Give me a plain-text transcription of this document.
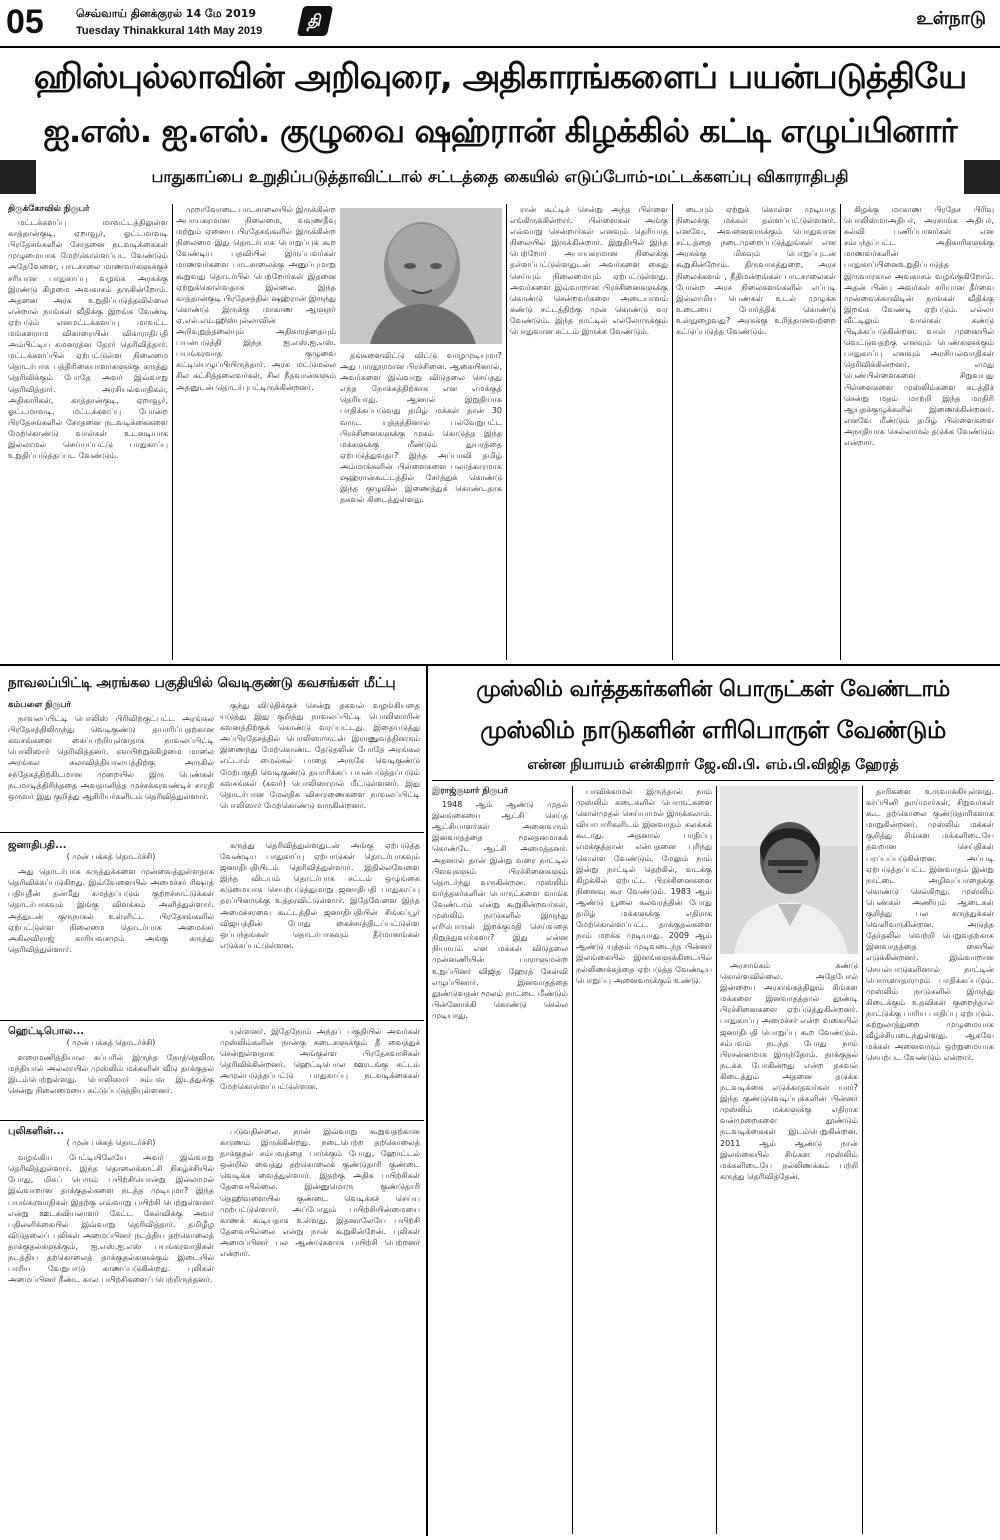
05	செவ்வாய் தினக்குரல் 14 மே 2019
Tuesday Thinakkural 14th May 2019
தி	உள்நாடு
ஹிஸ்புல்லாவின் அறிவுரை, அதிகாரங்களைப் பயன்படுத்தியே
ஐ.எஸ். ஐ.எஸ். குழுவை ஷஹ்ரான் கிழக்கில் கட்டி எழுப்பினார்
பாதுகாப்பை உறுதிப்படுத்தாவிட்டால் சட்டத்தை கையில் எடுப்போம்-மட்டக்களப்பு விகாராதிபதி

திருக்கோவில் நிருபர்

மட்டக்களப்பு மாவட்டத்திலுள்ள காத்தான்குடி, ஏறாவூர், ஓட்டமாவடி பிரதேசங்களில் சோதனை நடவடிக்கைகள் முழுமையாக மேற்கொள்ளப்பட வேண்டும் அதேவேளை, பாடசாலை மாணவர்களுக்குச் சரியான பாதுகாப்பு வழங்க அரசுக்கு இரண்டு கிழமை அவகாசம் தருகின்றோம். அதனை அரசு உறுதிப்படுத்தவில்லை என்றால் நாங்கள் வீதிக்கு இறங்க வேண்டி ஏற்படும் எனமட்டக்களப்பு மாவட்ட மங்களராம விகாரையின் விகாராதிபதி அம்பிட்டிய சுமனரத்ன தேரர் தெரிவித்தார். மட்டக்களப்பில் ஏற்பட்டுள்ள நிலைமை தொடர்பாக பத்திரிகையாளர்களுக்கு கருத்து தெரிவிக்கும் போதே அவர் இவ்வாறு தெரிவித்தார். அரசியல்வாதிகள், அதிகாரிகள், காத்தான்குடி, ஏறாவூர், ஓட்டமாவடி, மட்டக்களப்பு போன்ற பிரதேசங்களில் சோதனை நடவடிக்கைகளை மேற்கொண்டு வாள்கள் உடனடியாக இல்லாமல் செய்யப்பட்டு பாதுகாப்பு உறுதிப்படுத்தப்பட வேண்டும்.

முறாவோடை பாடசாலையில் இருக்கின்ற அபாயகரமான நிலைமை, வவுணதீவு மற்றும் ஏனைய பிரதேசங்களில் இருக்கின்ற நிலைமை இது தொடர்பாக பொறுப்புக் கூற வேண்டிய பதவியில் இருப்பவர்கள் மாணவர்களை பாடசாலைக்கு அனுப்புமாறு கூறுவது தொடர்பில் பெற்றோர்கள் இதனை ஏற்றுக்கொள்வதாக இல்லை. இந்த காத்தான்குடி பிரதேசத்தில் ஷஹ்ரான் இருந்து கொண்டு இருக்கு மாகாண ஆளுநர் ஏ.எல்.எம்.ஹிஸ்புல்லாவின் அறிவுறுத்தலையும் அதிகாரத்தையும் பயன்படுத்தி இந்த ஐ.எஸ்.ஐ.எஸ். பயங்கரவாத குழுவை கட்டியெழுப்பியிருந்தார். அரசு மட்டுமல்ல சில கட்சித்தலைவர்கள், சில நீதவான்களும் அதனுடன் தொடர்புபட்டிருக்கின்றனர்.

தங்களைவிட்டு விட்டு வாழமுடியுமா? அது பாரதூரமான பிரச்சினை. ஆகையினால், அவர்களை இவ்வாறு விடுதலை செய்தது எந்த நோக்கத்திற்காக என எமக்குத் தெரியாது. ஆனால் இறுதியாக பாதிக்கப்படுவது தமிழ் மக்கள் தான் 30 வருட யுத்தத்தினால் பல்வேறுபட்ட பிரச்சினைகளுக்கு முகம் கொடுத்த இந்த மக்களுக்கு மீண்டும் துயரத்தை ஏற்படுத்துவதா? இந்த அப்பாவி தமிழ் அம்மாக்களின் பிள்ளைகளை பலாத்காரமாக ஷஹ்ரான்கூட்டத்தில் சேர்த்துக் கொண்டு இந்த குழுவில் இணைத்துக் கொண்டதாக தகவல் கிடைத்துள்ளது.

ரான் கூட்டிச் சென்று அந்த பிள்ளை எங்கிருக்கின்றார். பிள்ளைகள் அங்கு எவ்வாறு சென்றார்கள் எனவும் தெரியாத நிலையில் இருக்கின்றார். இறுதியில் இந்த பெற்றோர் அபாயகரமான நிலைக்கு தள்ளப்பட்டுள்ளதுடன் அவர்களை கைது செய்யும் நிலைமையும் ஏற்பட்டுள்ளது. அவர்களை இவ்வாறான பிரச்சினைகளுக்கு கொண்டு சென்றவர்களை அடையாளம் கண்டு சட்டத்திற்கு முன் கொண்டு வர வேண்டும். இந்த நாட்டில் எல்லோருக்கும் பொதுவான சட்டம் இருக்க வேண்டும்.

டையும் ஏற்றுக் கொள்ள முடியாத நிலைக்கு மக்கள் தள்ளப்பட்டுள்ளனர். எனவே, அவனைவருக்கும் பொதுவான சட்டத்தை நடைமுறைப்படுத்துங்கள் என அரசுக்கு மிகவும் பொறுப்புடன் கூறுகின்றோம். திருவாசுத்துறை, அரச நிலைக்களம் , நீதிமன்றங்கள் பாடசாலைகள் போன்ற அரச நிலைகளங்களில் எப்படி இல்லாமிய பெண்கள் உடல் முழுக்க உடையை போர்த்திக் கொண்டு உள்நுழைவது? அரசுக்கு உரித்தானவற்றை கட்டுப்படுத்த வேண்டும்.

கிழக்கு மாகாண பிரதேச பிரிவு பொலிஸ்மாஅதிபர், அரசாங்க அதிபர், கல்வி பணிப்பாளர்கள் என சம்பந்தப்பட்ட அதிகாரிகளுக்கு மாணவர்களின் பாதுகாப்பினைஉறுதிப்படுத்த இருவாரகால அவகாசம் வழங்குகிறோம். அதன் பின்பு அவர்கள் சரியான தீர்வை முன்வைக்காவிடின் நாங்கள் வீதிக்கு இறங்க வேண்டி ஏற்படும். எல்லா வீட்டிலும் வாள்கள் கண்டு பிடிக்கப்படுகின்றன. வாள் முனையில் வெட்டுவதற்கு எனவும் பெண்களுக்கும் பாதுகாப்பு எனவும் அரசியல்வாதிகள் தெரிவிக்கின்றனர். எமது பெண்பிள்ளைகளை சிறுவயது பிள்ளைகளை முஸ்லிம்களை கடத்திச் சென்று மதம் மாற்றி இந்த மாதிரி ஆயுதக்குழுக்களில் இணைக்கின்றனர். எனவே மீண்டும் தமிழ் பிள்ளைகளை அநாதியாக செல்லாமல் தடுக்க வேண்டும் என்றார்.

நாவலப்பிட்டி அரங்கல பகுதியில் வெடிகுண்டு கவசங்கள் மீட்பு

கம்பளை நிருபர்

நாவலப்பிட்டி பொலிஸ் பிரிவிற்குட்பட்ட அரங்கல பிரதேசத்திலிருந்து வெடிகுண்டு தயாரிப்பதற்கான கவசங்களை கைப்பற்றியுள்ளதாக நாவலப்பிட்டி பொலிஸார் தெரிவித்தனர். ஞாயிற்றுக்கிழமை மாலை அரங்கல கலாவித்தியாலயத்திற்கு அருகில் சந்தேகத்திற்கிடமான முறையில் இரு பெண்கள் நடமாடித்திரிந்ததை அவதானித்த முச்சக்கரவண்டிச் சாரதி ஒருவர் இது குறித்து ஆசிரியர்களிடம் தெரிவித்துள்ளார்.

குந்து விடுதிக்குச் சென்று தகவல் வழங்கியதை யடுத்து இது குறித்து நாவலப்பிட்டி பொலிஸாரின் கவனத்திற்குக் கொண்டு வரப்பட்டது. இதையடுத்து அப்பிரதேசத்தில் பொலிஸாருடன் இராணுவத்தினரும் இணைந்து மேற்கொண்ட தேடுதலின் போதே அரங்கல எட்டாம் மைல்கல் பாதை அருகே வெடிகுண்டு மேற்பகுதி வெடிகுண்டு தயாரிக்கப் பயன்படுத்தப்படும் கவசங்கள் (கவர்) பொலிஸாரால் மீட்டுள்ளனர். இது தொடர்பான மேலதிக விசாரணைகளை நாவலப்பிட்டி பொலிஸார் மேற்கொண்டு வருகின்றனர்.

ஜனாதிபதி...
( முன் பக்கத் தொடர்ச்சி)

அது தொடர்பாக கருத்துக்களை முன்வைத்துள்ளதாக தெரிவிக்கப்படுகிறது. இவ்வேளையில் அமைச்சர் ரிஷாத் பதியுதீன் தன்மீது சுமத்தப்படும் குற்றச்சாட்டுக்கள் தொடர்பாகவும் இங்கு விளக்கம் அளித்துள்ளார். அத்துடன் குருநாகல் உள்ளிட்ட பிரதேசங்களில் ஏற்பட்டுள்ள நிலைமை தொடர்பாக அமைச்சர் அகிலவிராஜ் காரியவசமும் அங்கு கருத்து தெரிவித்துள்ளார்.

கருத்து தெரிவித்துள்ளதுடன் அங்கு ஏற்படுத்த வேண்டிய பாதுகாப்பு ஏற்பாடுகள் தொடர்பாகவும் ஜனாதிபதியிடம் தெரிவித்துள்ளார். இதில்லவேளை இந்த விடயம் தொடர்பாக சட்டம் ஒழுங்கை கடுமையாக செயற்படுத்துமாறு ஜனாதிபதி பாதுகாப்பு தரப்பினருக்கு உத்தரவிட்டுள்ளார். இதேவேளை இந்த அமைச்சரவை கூட்டத்தில் ஜனாதிபதியின் சிங்கப்பூர் விஜயத்தின் போது கைச்சாத்திடப்பட்டுள்ள ஒப்பந்தங்கள் தொடர்பாகவும் தீர்மானங்கள் எடுக்கப்பட்டுள்ளன.

ஹெட்டிபொல...
( முன் பக்கத் தொடர்ச்சி)

ளரைமணித்தியால சுப்பரில் இருந்த நோத்தெலிரு மந்தியால் அல்லாயில் முஸ்லிம் மக்களின் வீடு தாக்குதல் இடம்பெற்றுள்ளது. பொலிஸார் சம்பவ இடத்துக்கு சென்று நிலைமையை கட்டுப்படுத்தியுள்ளனர்.

யுள்ளனர். இதேநேரம் அந்தப் பகுதியில் அவர்கள் முஸ்லிம்களின் நான்கு கடைகளுக்கும் தீ வைத்துச் சென்றுள்ளதாக அங்குள்ள பிரதேசவாசிகள் தெரிவிக்கின்றனர். ஹெட்டிபொல ஊரடங்கு சட்டம் அமுல்படுத்தப்பட்டு பாதுகாப்பு நடவடிக்கைகள் மேற்கொள்ளப்பட்டுள்ளன.

புலிகளின்...
( முன் பக்கத் தொடர்ச்சி)

வழங்கிய பேட்டியிலேயே அவர் இவ்வாறு தெரிவித்துள்ளார். இந்த தொலைக்காட்சி நிகழ்ச்சியில் போது, மிகப் பெரும் பயிற்சியொன்று இல்லாமல் இவ்வாறான தாக்குதல்களை நடத்த முடியுமா? இந்த பயங்கரவாதிகள் இதற்கு எவ்வாறு பயிற்சி பெற்றுள்ளனர் என்று ஊடகவியலாளர் கேட்ட கேள்விக்கு அவர் பதிலளிக்கையில் இவ்வாறு தெரிவித்தார். தமிழீழ விடுதலைப் புலிகள் அமைப்பினர் நடத்திய தற்கொலைத் தாக்குதல்களுக்கும், ஐ.எஸ்.ஐ.எஸ் பயங்கரவாதிகள் நடத்திய தற்கொலைத் தாக்குதல்களுக்கும் இடையில் பாரிய வேறுபாடு காணப்படுகின்றது. புலிகள் அமைப்பினர் நீண்ட கால பயிற்சிகளைப் பெற்றிருந்தனர்.

படுவதில்லை. நான் இவ்வாறு கூறுவதற்கான காரணம் இருக்கின்றது. நடைபெற்ற தற்கொலைத் தாக்குதல் சம்பவத்தை பார்க்கும் போது, ஹோட்டல் ஒன்றில் வைத்து தற்கொலைக் குண்டுதாரி குண்டை வெடிக்க வைத்துள்ளார். இதற்கு அதிக பயிற்சிகள் தேவையில்லை. இன்னுமொரு குண்டுதாரி தெஹிவளையில் குண்டை வெடிக்கச் செய்ய முற்பட்டுள்ளார். அப்போதும் பயிற்சியின்மையை காணக் கூடியதாக உள்ளது. இதனாலேயே பயிற்சி தேவையில்லை என்று நான் கூறுகின்றேன். புலிகள் அமைப்பினர் பல ஆண்டுகளாக பயிற்சி பெற்றனர் என்றார்.

முஸ்லிம் வர்த்தகர்களின் பொருட்கள் வேண்டாம்
முஸ்லிம் நாடுகளின் எரிபொருள் வேண்டும்
என்ன நியாயம் என்கிறார் ஜே.வி.பி. எம்.பி.விஜித ஹேரத்

இராஜ்குமார் நிருபர்

1948 ஆம் ஆண்டு முதல் இலங்கையை ஆட்சி செய்த ஆட்சியாளர்கள் அனைவரும் இனவாதத்தை மூலதனமாகக் கொண்டே ஆட்சி அமைத்தனர். அதனால் தான் இன்று வரை நாட்டில் பிளவுகளும் பிரச்சினைகளும் தொடர்ந்து வருகின்றன. முஸ்லிம் வர்த்தகர்களின் பொருட்களை வாங்க வேண்டாம் என்று கூறுகின்றவர்கள், முஸ்லிம் நாடுகளில் இருந்து எரிபொருள் இறக்குமதி செய்வதை நிறுத்துவார்களா? இது என்ன நியாயம் என மக்கள் விடுதலை முன்னணியின் பாராளுமன்ற உறுப்பினர் விஜித ஹேரத் கேள்வி எழுப்பினார். இனவாதத்தை தூண்டுவதன் மூலம் நாட்டை மீண்டும் பின்னோக்கி கொண்டு செல்ல முடியாது.

பாவிக்காமல் இருந்தால் நாம் முஸ்லிம் கடைகளில் பொருட்களை கொள்முதல் செய்யாமல் இருக்கலாம். வியாபாரிகளிடம் இனவாதம் கலக்கக் கூடாது. அதனால் பாதிப்பு எமக்குத்தான் என்பதனை புரிந்து கொள்ள வேண்டும். மேலும் நாம் இன்று நாட்டில் தெற்கில், வடக்கு கிழக்கில் ஏற்பட்ட பிரச்சினைகளை நினைவு கூர வேண்டும். 1983 ஆம் ஆண்டு யூலை கலவரத்தின் போது தமிழ் மக்களுக்கு எதிராக மேற்கொள்ளப்பட்ட தாக்குதல்களை நாம் மறக்க முடியாது. 2009 ஆம் ஆண்டு யுத்தம் முடிவடைந்த பின்னர் இலங்கையில் இனங்களுக்கிடையில் நல்லிணக்கத்தை ஏற்படுத்த வேண்டிய பொறுப்பு அனைவருக்கும் உண்டு.

அரசாங்கம் கண்டு கொள்ளவில்லை. அதேபோல் இன்றைய அரசாங்கத்திலும் சிங்கள மக்களை இனவாதத்தால் தூண்டி பிரச்சினைகளை ஏற்படுத்துகின்றனர். பாதுகாப்பு அமைச்சர் என்ற வகையில் ஜனாதிபதி பொறுப்பு கூற வேண்டும். சம்பவம் நடந்த போது நாம் பிரசன்னமாக இருந்தோம். தாக்குதல் நடக்க போகின்றது என்ற தகவல் கிடைத்தும் அதனை தடுக்க நடவடிக்கை எடுக்காதவர்கள் யார்? இந்த குண்டுவெடிப்புக்களின் பின்னர் முஸ்லிம் மக்களுக்கு எதிராக வன்முறைகளை தூண்டும் நடவடிக்கைகள் இடம்பெறுகின்றன. 2011 ஆம் ஆண்டு நான் இலங்கையில் சிங்கள முஸ்லிம் மக்களிடையே நல்லிணக்கம் பற்றி கருத்து தெரிவித்தேன்.

தாரிகளை உருவாக்கியுள்ளது. கர்ப்பினி தாய்மார்கள், சிறுவர்கள் கூட தற்கொலை குண்டுதாரிகளாக மாறுகின்றனர். முஸ்லிம் மக்கள் குறித்து சிங்கள மக்களிடையே தவறான செய்திகள் பரப்பப்படுகின்றன. அப்படி ஏற்படுத்தப்பட்ட இனவாதம் இன்று நாட்டை அழிவுப்பாதைக்கு கொண்டு செல்கிறது. முஸ்லிம் பெண்கள் அணியும் ஆடைகள் குறித்து பல கருத்துக்கள் வெளிவருகின்றன. அடுத்த தேர்தலில் வெற்றி பெறுவதற்காக இனவாதத்தை கையில் எடுக்கின்றனர். இவ்வாறான செயல்பாடுகளினால் நாட்டின் பொருளாதாரமும் பாதிக்கப்படும். முஸ்லிம் நாடுகளில் இருந்து கிடைக்கும் உதவிகள் குறைந்தால் நாட்டுக்கு பாரிய பாதிப்பு ஏற்படும். சுற்றுலாத்துறை முழுமையாக வீழ்ச்சியடைந்துள்ளது. ஆகவே மக்கள் அனைவரும் ஒற்றுமையாக செயற்பட வேண்டும் என்றார்.
